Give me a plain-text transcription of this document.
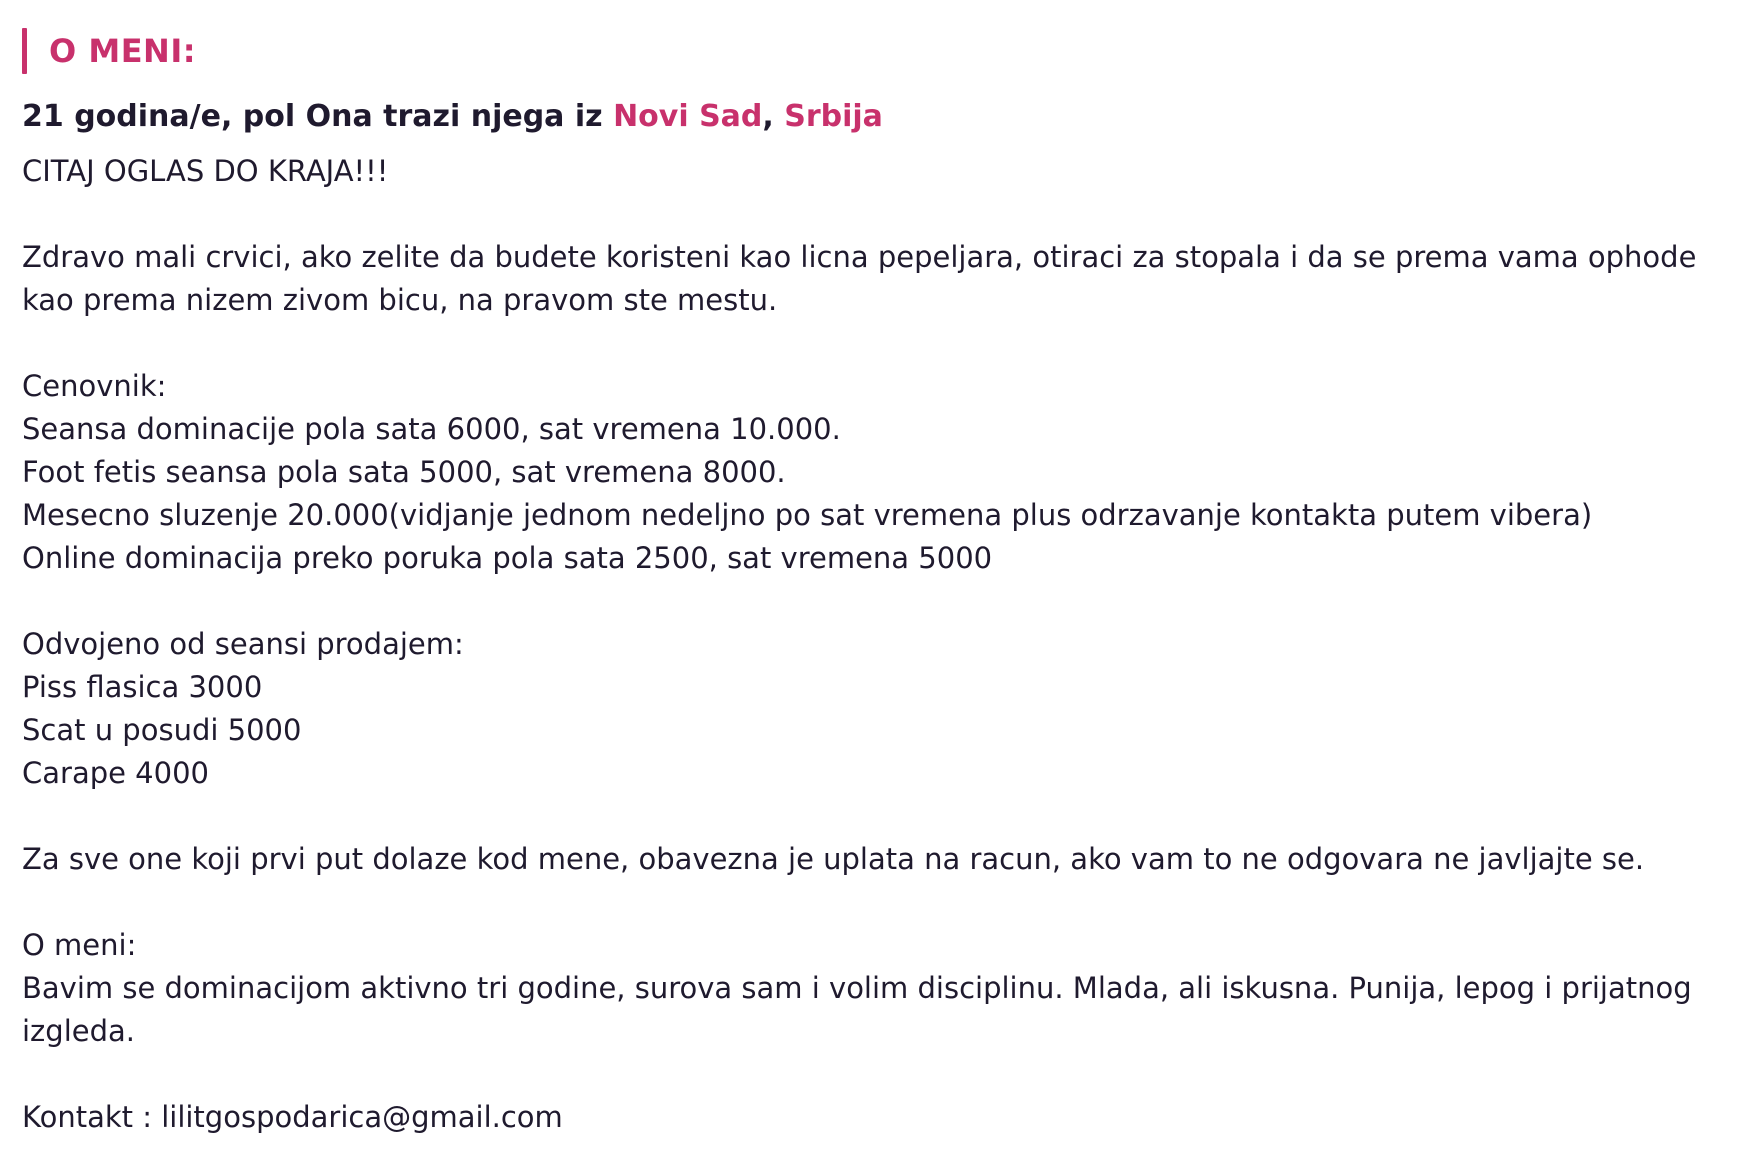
O MENI:
21 godina/e, pol Ona trazi njega iz Novi Sad, Srbija
CITAJ OGLAS DO KRAJA!!!
Zdravo mali crvici, ako zelite da budete koristeni kao licna pepeljara, otiraci za stopala i da se prema vama ophode kao prema nizem zivom bicu, na pravom ste mestu.
Cenovnik:
Seansa dominacije pola sata 6000, sat vremena 10.000.
Foot fetis seansa pola sata 5000, sat vremena 8000.
Mesecno sluzenje 20.000(vidjanje jednom nedeljno po sat vremena plus odrzavanje kontakta putem vibera)
Online dominacija preko poruka pola sata 2500, sat vremena 5000
Odvojeno od seansi prodajem:
Piss flasica 3000
Scat u posudi 5000
Carape 4000
Za sve one koji prvi put dolaze kod mene, obavezna je uplata na racun, ako vam to ne odgovara ne javljajte se.
O meni:
Bavim se dominacijom aktivno tri godine, surova sam i volim disciplinu. Mlada, ali iskusna. Punija, lepog i prijatnog izgleda.
Kontakt : lilitgospodarica@gmail.com
